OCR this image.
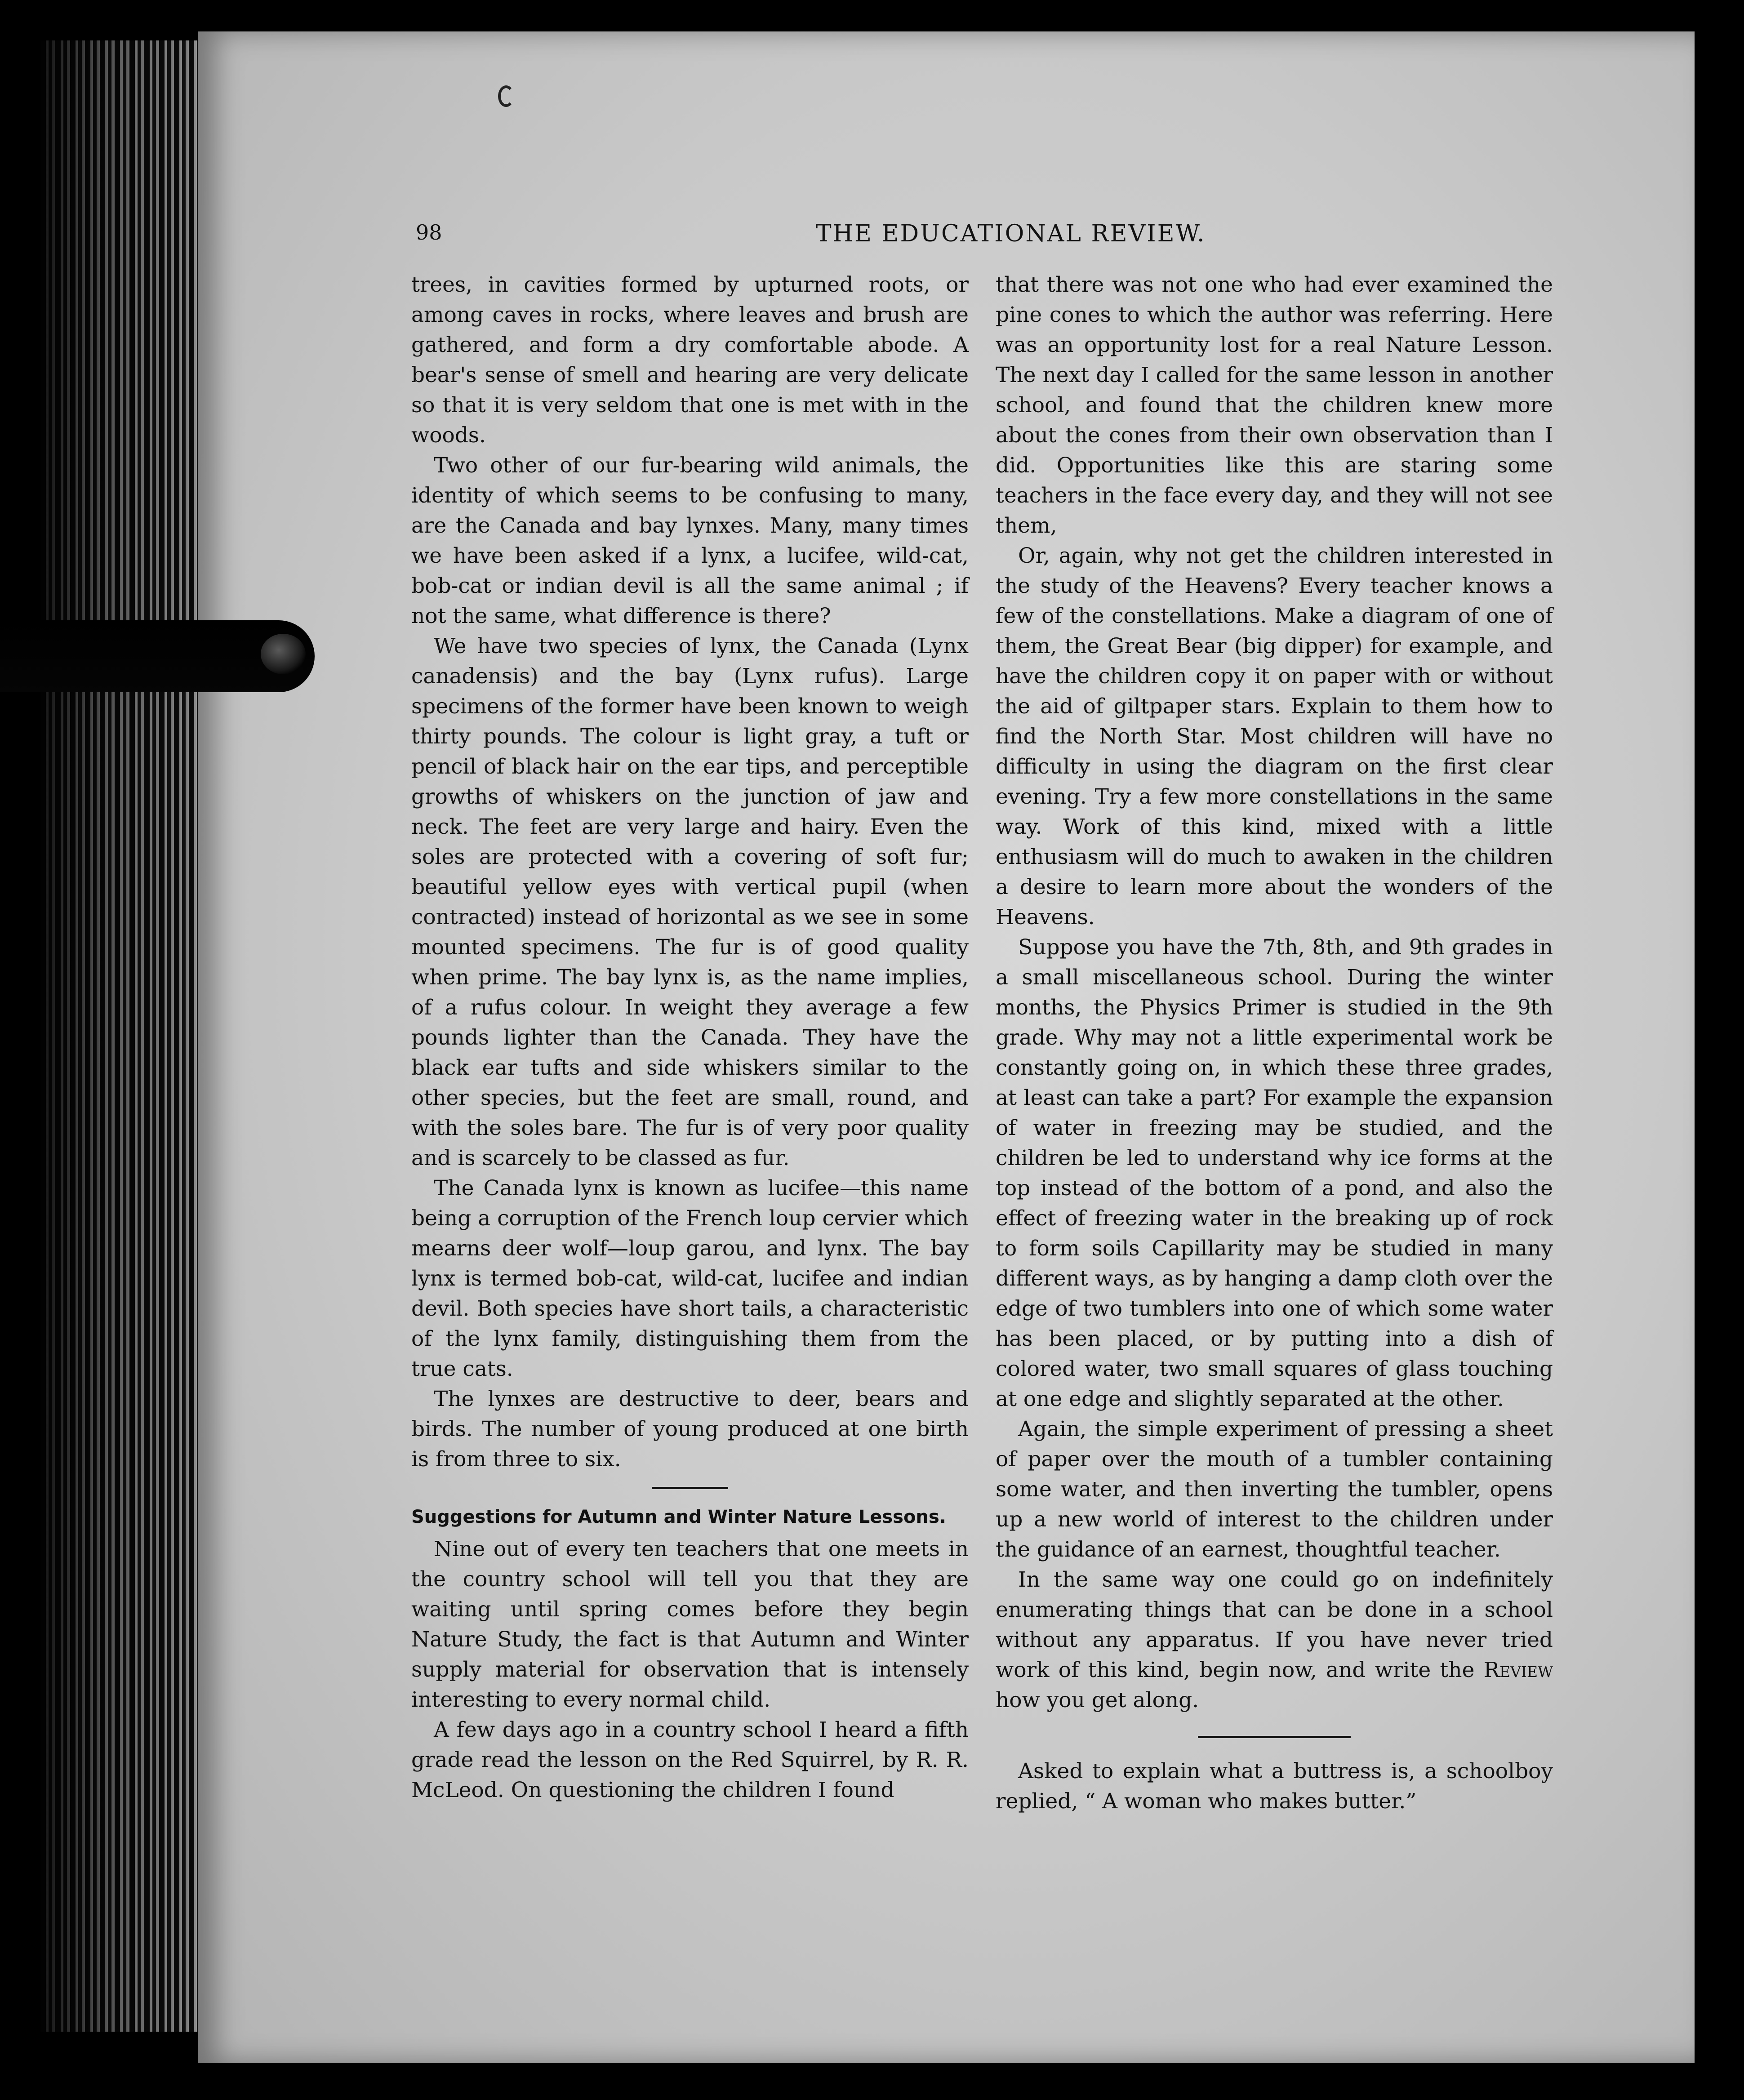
98	THE EDUCATIONAL REVIEW.

trees, in cavities formed by upturned roots, or among caves in rocks, where leaves and brush are gathered, and form a dry comfortable abode. A bear's sense of smell and hearing are very delicate so that it is very seldom that one is met with in the woods.

Two other of our fur-bearing wild animals, the identity of which seems to be confusing to many, are the Canada and bay lynxes. Many, many times we have been asked if a lynx, a lucifee, wild-cat, bob-cat or indian devil is all the same animal ; if not the same, what difference is there?

We have two species of lynx, the Canada (Lynx canadensis) and the bay (Lynx rufus). Large specimens of the former have been known to weigh thirty pounds. The colour is light gray, a tuft or pencil of black hair on the ear tips, and perceptible growths of whiskers on the junction of jaw and neck. The feet are very large and hairy. Even the soles are protected with a covering of soft fur; beautiful yellow eyes with vertical pupil (when contracted) instead of horizontal as we see in some mounted specimens. The fur is of good quality when prime. The bay lynx is, as the name implies, of a rufus colour. In weight they average a few pounds lighter than the Canada. They have the black ear tufts and side whiskers similar to the other species, but the feet are small, round, and with the soles bare. The fur is of very poor quality and is scarcely to be classed as fur.

The Canada lynx is known as lucifee—this name being a corruption of the French loup cervier which mearns deer wolf—loup garou, and lynx. The bay lynx is termed bob-cat, wild-cat, lucifee and indian devil. Both species have short tails, a characteristic of the lynx family, distinguishing them from the true cats.

The lynxes are destructive to deer, bears and birds. The number of young produced at one birth is from three to six.

Suggestions for Autumn and Winter Nature Lessons.

Nine out of every ten teachers that one meets in the country school will tell you that they are waiting until spring comes before they begin Nature Study, the fact is that Autumn and Winter supply material for observation that is intensely interesting to every normal child.

A few days ago in a country school I heard a fifth grade read the lesson on the Red Squirrel, by R. R. McLeod. On questioning the children I found

that there was not one who had ever examined the pine cones to which the author was referring. Here was an opportunity lost for a real Nature Lesson. The next day I called for the same lesson in another school, and found that the children knew more about the cones from their own observation than I did. Opportunities like this are staring some teachers in the face every day, and they will not see them,

Or, again, why not get the children interested in the study of the Heavens? Every teacher knows a few of the constellations. Make a diagram of one of them, the Great Bear (big dipper) for example, and have the children copy it on paper with or without the aid of giltpaper stars. Explain to them how to find the North Star. Most children will have no difficulty in using the diagram on the first clear evening. Try a few more constellations in the same way. Work of this kind, mixed with a little enthusiasm will do much to awaken in the children a desire to learn more about the wonders of the Heavens.

Suppose you have the 7th, 8th, and 9th grades in a small miscellaneous school. During the winter months, the Physics Primer is studied in the 9th grade. Why may not a little experimental work be constantly going on, in which these three grades, at least can take a part? For example the expansion of water in freezing may be studied, and the children be led to understand why ice forms at the top instead of the bottom of a pond, and also the effect of freezing water in the breaking up of rock to form soils Capillarity may be studied in many different ways, as by hanging a damp cloth over the edge of two tumblers into one of which some water has been placed, or by putting into a dish of colored water, two small squares of glass touching at one edge and slightly separated at the other.

Again, the simple experiment of pressing a sheet of paper over the mouth of a tumbler containing some water, and then inverting the tumbler, opens up a new world of interest to the children under the guidance of an earnest, thoughtful teacher.

In the same way one could go on indefinitely enumerating things that can be done in a school without any apparatus. If you have never tried work of this kind, begin now, and write the Review how you get along.

Asked to explain what a buttress is, a schoolboy replied, “ A woman who makes butter.”
